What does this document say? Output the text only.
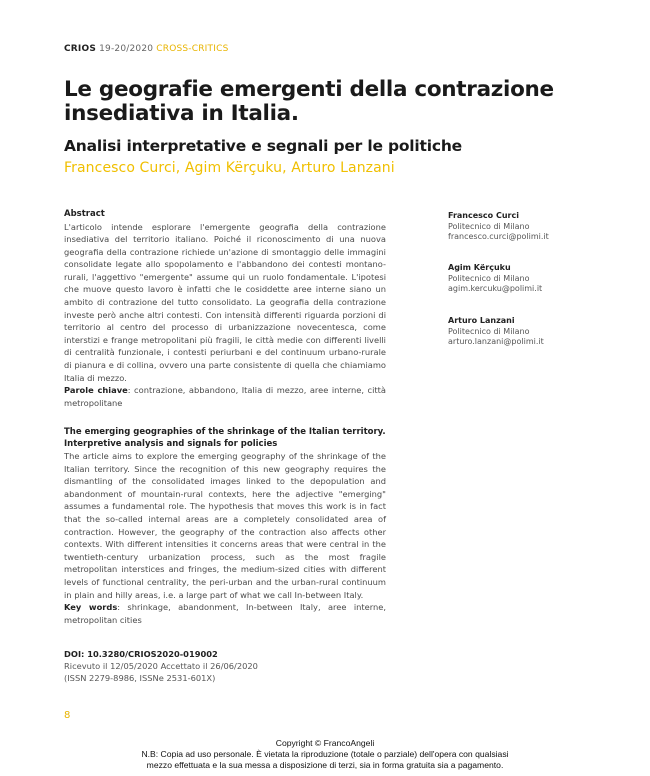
CRIOS 19-20/2020 CROSS-CRITICS
Le geografie emergenti della contrazione insediativa in Italia.
Analisi interpretative e segnali per le politiche
Francesco Curci, Agim Kërçuku, Arturo Lanzani
Abstract

L'articolo intende esplorare l'emergente geografia della contrazione insediativa del territorio italiano. Poiché il riconoscimento di una nuova geografia della contrazione richiede un'azione di smontaggio delle immagini consolidate legate allo spopolamento e l'abbandono dei contesti montano-rurali, l'aggettivo "emergente" assume qui un ruolo fondamentale. L'ipotesi che muove questo lavoro è infatti che le cosiddette aree interne siano un ambito di contrazione del tutto consolidato. La geografia della contrazione investe però anche altri contesti. Con intensità differenti riguarda porzioni di territorio al centro del processo di urbanizzazione novecentesca, come interstizi e frange metropolitani più fragili, le città medie con differenti livelli di centralità funzionale, i contesti periurbani e del continuum urbano-rurale di pianura e di collina, ovvero una parte consistente di quella che chiamiamo Italia di mezzo.

Parole chiave: contrazione, abbandono, Italia di mezzo, aree interne, città metropolitane

The emerging geographies of the shrinkage of the Italian territory. Interpretive analysis and signals for policies

The article aims to explore the emerging geography of the shrinkage of the Italian territory. Since the recognition of this new geography requires the dismantling of the consolidated images linked to the depopulation and abandonment of mountain-rural contexts, here the adjective "emerging" assumes a fundamental role. The hypothesis that moves this work is in fact that the so-called internal areas are a completely consolidated area of contraction. However, the geography of the contraction also affects other contexts. With different intensities it concerns areas that were central in the twentieth-century urbanization process, such as the most fragile metropolitan interstices and fringes, the medium-sized cities with different levels of functional centrality, the peri-urban and the urban-rural continuum in plain and hilly areas, i.e. a large part of what we call In-between Italy.

Key words: shrinkage, abandonment, In-between Italy, aree interne, metropolitan cities

Francesco Curci
Politecnico di Milano
francesco.curci@polimi.it
Agim Kërçuku
Politecnico di Milano
agim.kercuku@polimi.it
Arturo Lanzani
Politecnico di Milano
arturo.lanzani@polimi.it
DOI: 10.3280/CRIOS2020-019002
Ricevuto il 12/05/2020 Accettato il 26/06/2020
(ISSN 2279-8986, ISSNe 2531-601X)
8
Copyright © FrancoAngeli
N.B: Copia ad uso personale. È vietata la riproduzione (totale o parziale) dell'opera con qualsiasi
mezzo effettuata e la sua messa a disposizione di terzi, sia in forma gratuita sia a pagamento.
